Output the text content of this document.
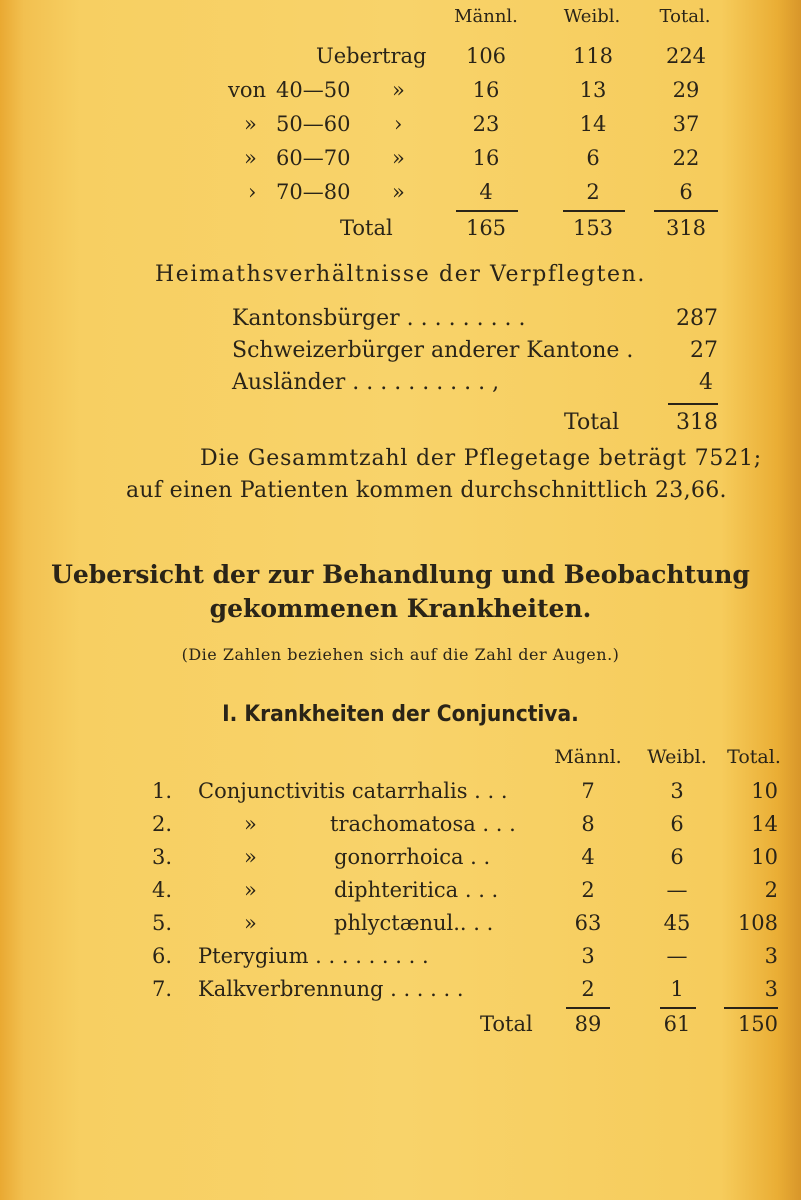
Männl.	Weibl.	Total.
Uebertrag	106	118	224
von 40—50 »	16	13	29
» 50—60 ›	23	14	37
» 60—70 »	16	6	22
› 70—80 »	4	2	6
Total	165	153	318
Heimathsverhältnisse der Verpflegten.
Kantonsbürger . . . . . . . . .	287
Schweizerbürger anderer Kantone .	27
Ausländer . . . . . . . . . . ,	4
Total	318
Die Gesammtzahl der Pflegetage beträgt 7521;
auf einen Patienten kommen durchschnittlich 23,66.
Uebersicht der zur Behandlung und Beobachtung
gekommenen Krankheiten.
(Die Zahlen beziehen sich auf die Zahl der Augen.)
I. Krankheiten der Conjunctiva.
Männl.	Weibl.	Total.
1. Conjunctivitis catarrhalis . . .	7	3	10
2.	»	trachomatosa . . .	8	6	14
3.	»	gonorrhoica . .	4	6	10
4.	»	diphteritica . . .	2	—	2
5.	»	phlyctænul.. . .	63	45	108
6. Pterygium . . . . . . . . .	3	—	3
7. Kalkverbrennung . . . . . .	2	1	3
Total	89	61	150
